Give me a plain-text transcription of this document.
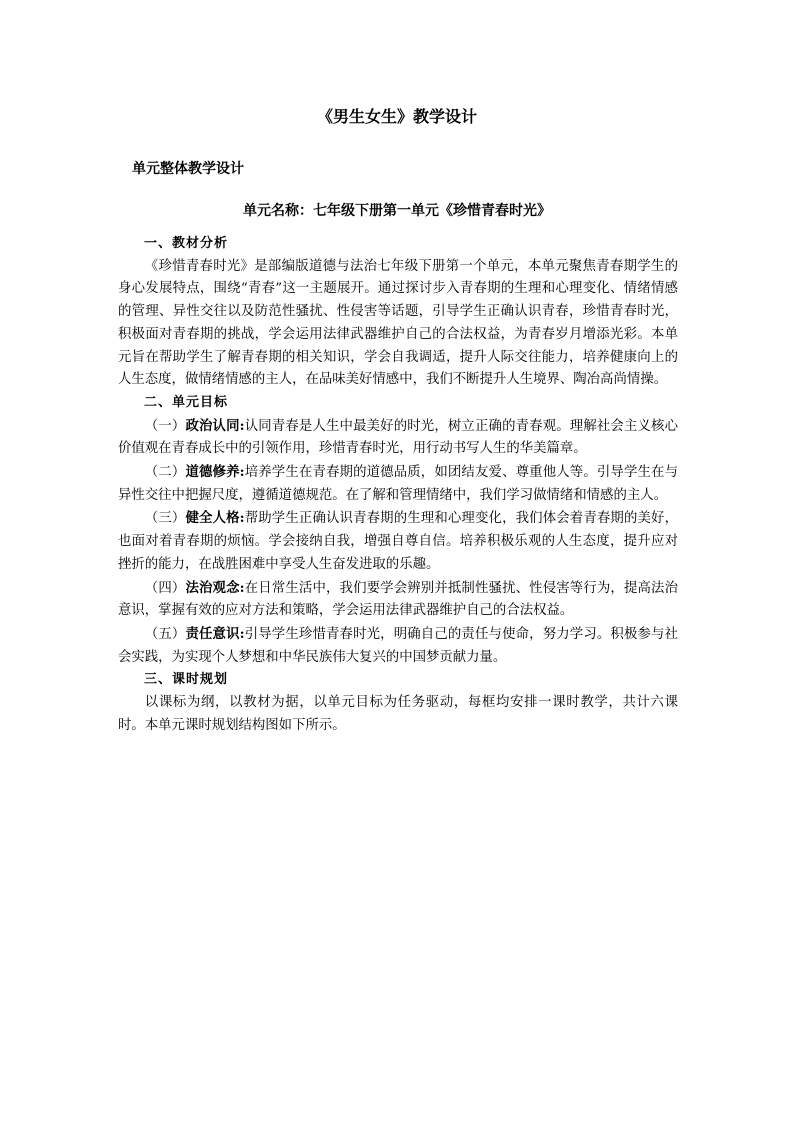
《男生女生》教学设计
单元整体教学设计
单元名称：七年级下册第一单元《珍惜青春时光》

一、教材分析

《珍惜青春时光》是部编版道德与法治七年级下册第一个单元，本单元聚焦青春期学生的身心发展特点，围绕“青春”这一主题展开。通过探讨步入青春期的生理和心理变化、情绪情感的管理、异性交往以及防范性骚扰、性侵害等话题，引导学生正确认识青春，珍惜青春时光，积极面对青春期的挑战，学会运用法律武器维护自己的合法权益，为青春岁月增添光彩。本单元旨在帮助学生了解青春期的相关知识，学会自我调适，提升人际交往能力，培养健康向上的人生态度，做情绪情感的主人，在品味美好情感中，我们不断提升人生境界、陶冶高尚情操。

二、单元目标

（一）政治认同:认同青春是人生中最美好的时光，树立正确的青春观。理解社会主义核心价值观在青春成长中的引领作用，珍惜青春时光，用行动书写人生的华美篇章。

（二）道德修养:培养学生在青春期的道德品质，如团结友爱、尊重他人等。引导学生在与异性交往中把握尺度，遵循道德规范。在了解和管理情绪中，我们学习做情绪和情感的主人。

（三）健全人格:帮助学生正确认识青春期的生理和心理变化，我们体会着青春期的美好，也面对着青春期的烦恼。学会接纳自我，增强自尊自信。培养积极乐观的人生态度，提升应对挫折的能力，在战胜困难中享受人生奋发进取的乐趣。

（四）法治观念:在日常生活中，我们要学会辨别并抵制性骚扰、性侵害等行为，提高法治意识，掌握有效的应对方法和策略，学会运用法律武器维护自己的合法权益。

（五）责任意识:引导学生珍惜青春时光，明确自己的责任与使命，努力学习。积极参与社会实践，为实现个人梦想和中华民族伟大复兴的中国梦贡献力量。

三、课时规划

以课标为纲，以教材为据，以单元目标为任务驱动，每框均安排一课时教学，共计六课时。本单元课时规划结构图如下所示。
